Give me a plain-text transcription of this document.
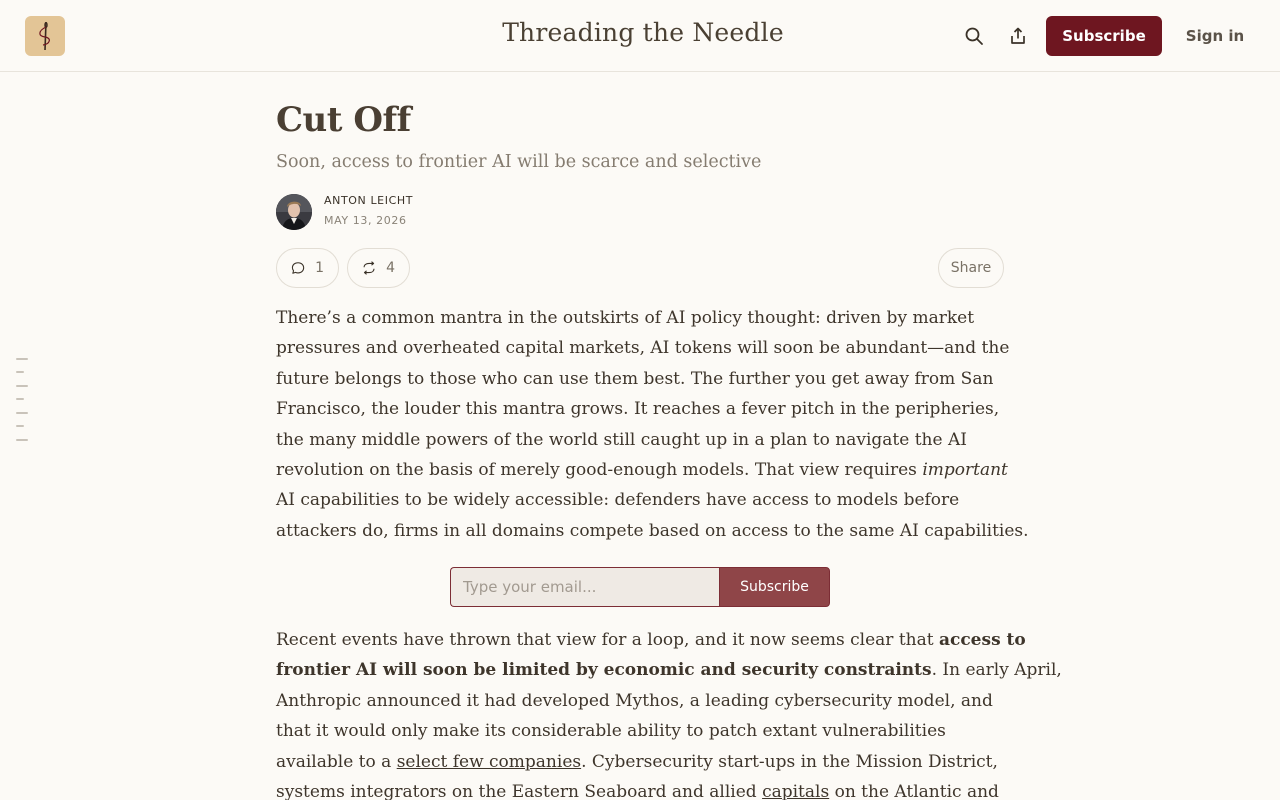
Threading the Needle	Subscribe	Sign in
Cut Off
Soon, access to frontier AI will be scarce and selective
ANTON LEICHT
MAY 13, 2026
1	4	Share
There’s a common mantra in the outskirts of AI policy thought: driven by market
pressures and overheated capital markets, AI tokens will soon be abundant—and the
future belongs to those who can use them best. The further you get away from San
Francisco, the louder this mantra grows. It reaches a fever pitch in the peripheries,
the many middle powers of the world still caught up in a plan to navigate the AI
revolution on the basis of merely good-enough models. That view requires important
AI capabilities to be widely accessible: defenders have access to models before
attackers do, firms in all domains compete based on access to the same AI capabilities.
Type your email...
Subscribe
Recent events have thrown that view for a loop, and it now seems clear that access to
frontier AI will soon be limited by economic and security constraints. In early April,
Anthropic announced it had developed Mythos, a leading cybersecurity model, and
that it would only make its considerable ability to patch extant vulnerabilities
available to a select few companies. Cybersecurity start-ups in the Mission District,
systems integrators on the Eastern Seaboard and allied capitals on the Atlantic and
